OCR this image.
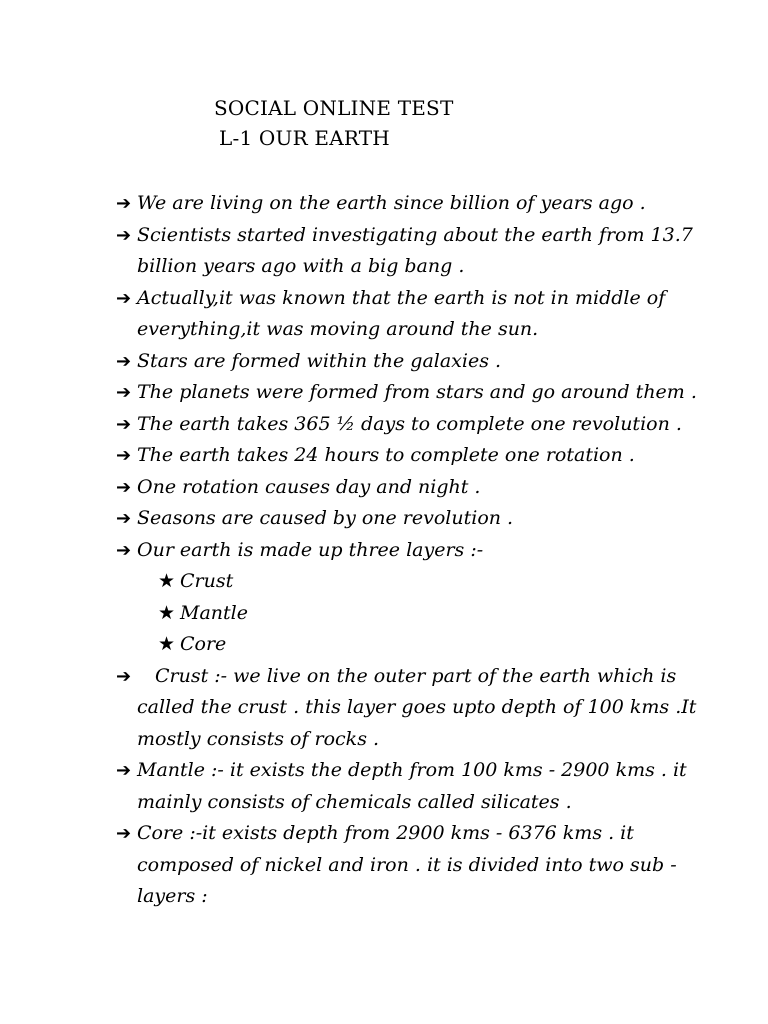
SOCIAL ONLINE TEST
L-1 OUR EARTH
➔ We are living on the earth since billion of years ago .
➔ Scientists started investigating about the earth from 13.7 billion years ago with a big bang .
➔ Actually,it was known that the earth is not in middle of everything,it was moving around the sun.
➔ Stars are formed within the galaxies .
➔ The planets were formed from stars and go around them .
➔ The earth takes 365 ½ days to complete one revolution .
➔ The earth takes 24 hours to complete one rotation .
➔ One rotation causes day and night .
➔ Seasons are caused by one revolution .
➔ Our earth is made up three layers :-
★ Crust
★ Mantle
★ Core
➔	Crust :- we live on the outer part of the earth which is called the crust . this layer goes upto depth of 100 kms .It mostly consists of rocks .
➔ Mantle :- it exists the depth from 100 kms - 2900 kms . it mainly consists of chemicals called silicates .
➔ Core :-it exists depth from 2900 kms - 6376 kms . it composed of nickel and iron . it is divided into two sub - layers :
